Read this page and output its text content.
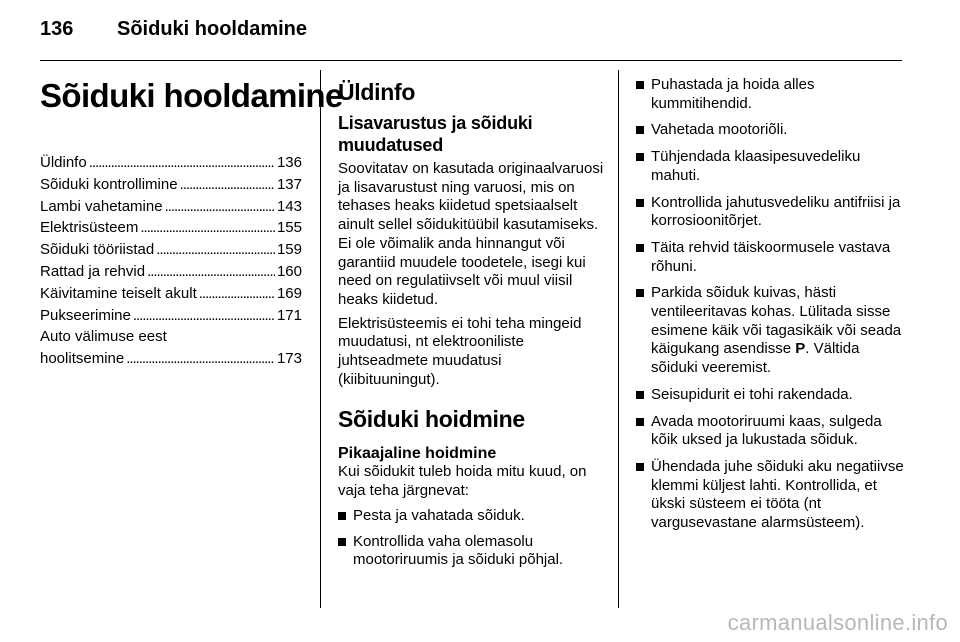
136 Sõiduki hooldamine
Sõiduki hooldamine
Üldinfo . . .	136
Sõiduki kontrollimine . . .	137
Lambi vahetamine . . .	143
Elektrisüsteem . . .	155
Sõiduki tööriistad . . .	159
Rattad ja rehvid . . .	160
Käivitamine teiselt akult . . .	169
Pukseerimine . . .	171
Auto välimuse eest
hoolitsemine . . .	173
Üldinfo
Lisavarustus ja sõiduki muudatused

Soovitatav on kasutada originaalvaruosi ja lisavarustust ning varuosi, mis on tehases heaks kiidetud spetsiaalselt ainult sellel sõidukitüübil kasutamiseks. Ei ole võimalik anda hinnangut või garantiid muudele toodetele, isegi kui need on regulatiivselt või muul viisil heaks kiidetud.

Elektrisüsteemis ei tohi teha mingeid muudatusi, nt elektrooniliste juhtseadmete muudatusi (kiibituuningut).

Sõiduki hoidmine
Pikaajaline hoidmine

Kui sõidukit tuleb hoida mitu kuud, on vaja teha järgnevat:

Pesta ja vahatada sõiduk.
Kontrollida vaha olemasolu mootoriruumis ja sõiduki põhjal.
Puhastada ja hoida alles kummitihendid.
Vahetada mootoriõli.
Tühjendada klaasipesuvedeliku mahuti.
Kontrollida jahutusvedeliku antifriisi ja korrosioonitõrjet.
Täita rehvid täiskoormusele vastava rõhuni.
Parkida sõiduk kuivas, hästi ventileeritavas kohas. Lülitada sisse esimene käik või tagasikäik või seada käigukang asendisse P. Vältida sõiduki veeremist.
Seisupidurit ei tohi rakendada.
Avada mootoriruumi kaas, sulgeda kõik uksed ja lukustada sõiduk.
Ühendada juhe sõiduki aku negatiivse klemmi küljest lahti. Kontrollida, et ükski süsteem ei tööta (nt vargusevastane alarmsüsteem).
carmanualsonline.info
